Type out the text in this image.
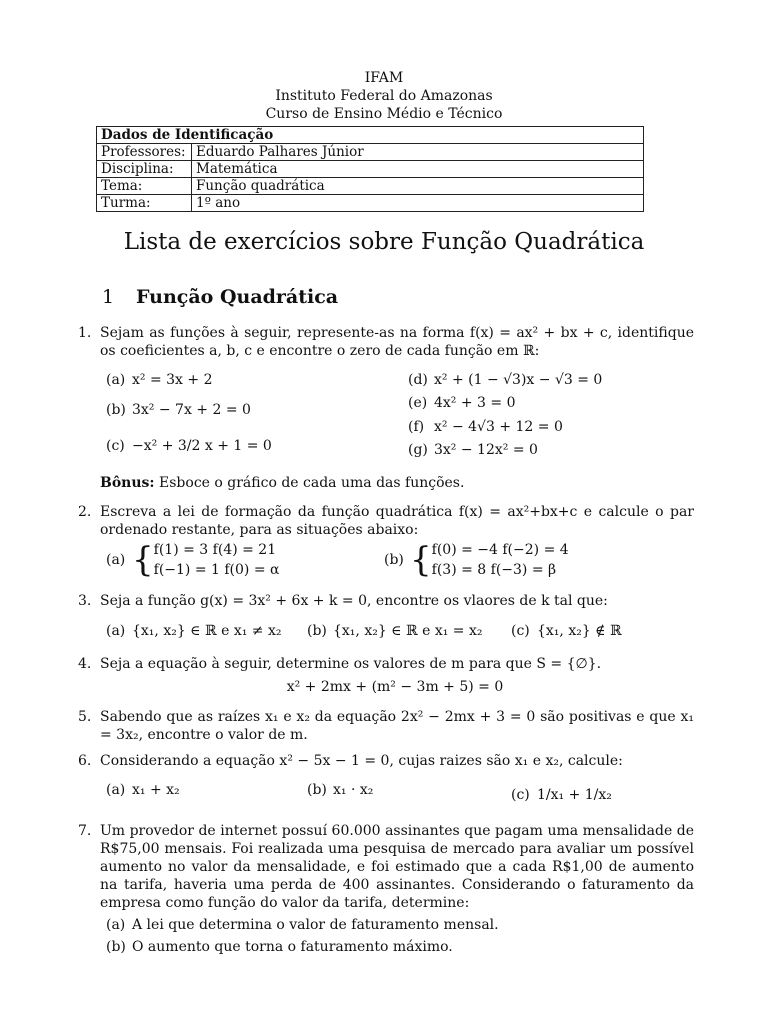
IFAM
Instituto Federal do Amazonas
Curso de Ensino Médio e Técnico
Dados de Identificação	
Professores:	Eduardo Palhares Júnior
Disciplina:	Matemática
Tema:	Função quadrática
Turma:	1º ano
Lista de exercícios sobre Função Quadrática
1 Função Quadrática
1. Sejam as funções à seguir, represente-as na forma f(x) = ax² + bx + c, identifique os coeficientes a, b, c e encontre o zero de cada função em ℝ:
(a) x² = 3x + 2
(b) 3x² − 7x + 2 = 0
(c) −x² + 3/2 x + 1 = 0
(d) x² + (1 − √3)x − √3 = 0
(e) 4x² + 3 = 0
(f) x² − 4√3 + 12 = 0
(g) 3x² − 12x² = 0
Bônus: Esboce o gráfico de cada uma das funções.
2. Escreva a lei de formação da função quadrática f(x) = ax²+bx+c e calcule o par ordenado restante, para as situações abaixo:
(a) { f(1) = 3 f(4) = 21
f(−1) = 1 f(0) = α
(b) { f(0) = −4 f(−2) = 4
f(3) = 8 f(−3) = β
3. Seja a função g(x) = 3x² + 6x + k = 0, encontre os vlaores de k tal que:
(a) {x₁, x₂} ∈ ℝ e x₁ ≠ x₂ (b) {x₁, x₂} ∈ ℝ e x₁ = x₂ (c) {x₁, x₂} ∉ ℝ
4. Seja a equação à seguir, determine os valores de m para que S = {∅}.
x² + 2mx + (m² − 3m + 5) = 0
5. Sabendo que as raízes x₁ e x₂ da equação 2x² − 2mx + 3 = 0 são positivas e que x₁ = 3x₂, encontre o valor de m.
6. Considerando a equação x² − 5x − 1 = 0, cujas raizes são x₁ e x₂, calcule:
(a) x₁ + x₂	(b) x₁ · x₂	(c) 1/x₁ + 1/x₂
7. Um provedor de internet possuí 60.000 assinantes que pagam uma mensalidade de R$75,00 mensais. Foi realizada uma pesquisa de mercado para avaliar um possível aumento no valor da mensalidade, e foi estimado que a cada R$1,00 de aumento na tarifa, haveria uma perda de 400 assinantes. Considerando o faturamento da empresa como função do valor da tarifa, determine:
(a) A lei que determina o valor de faturamento mensal.
(b) O aumento que torna o faturamento máximo.
